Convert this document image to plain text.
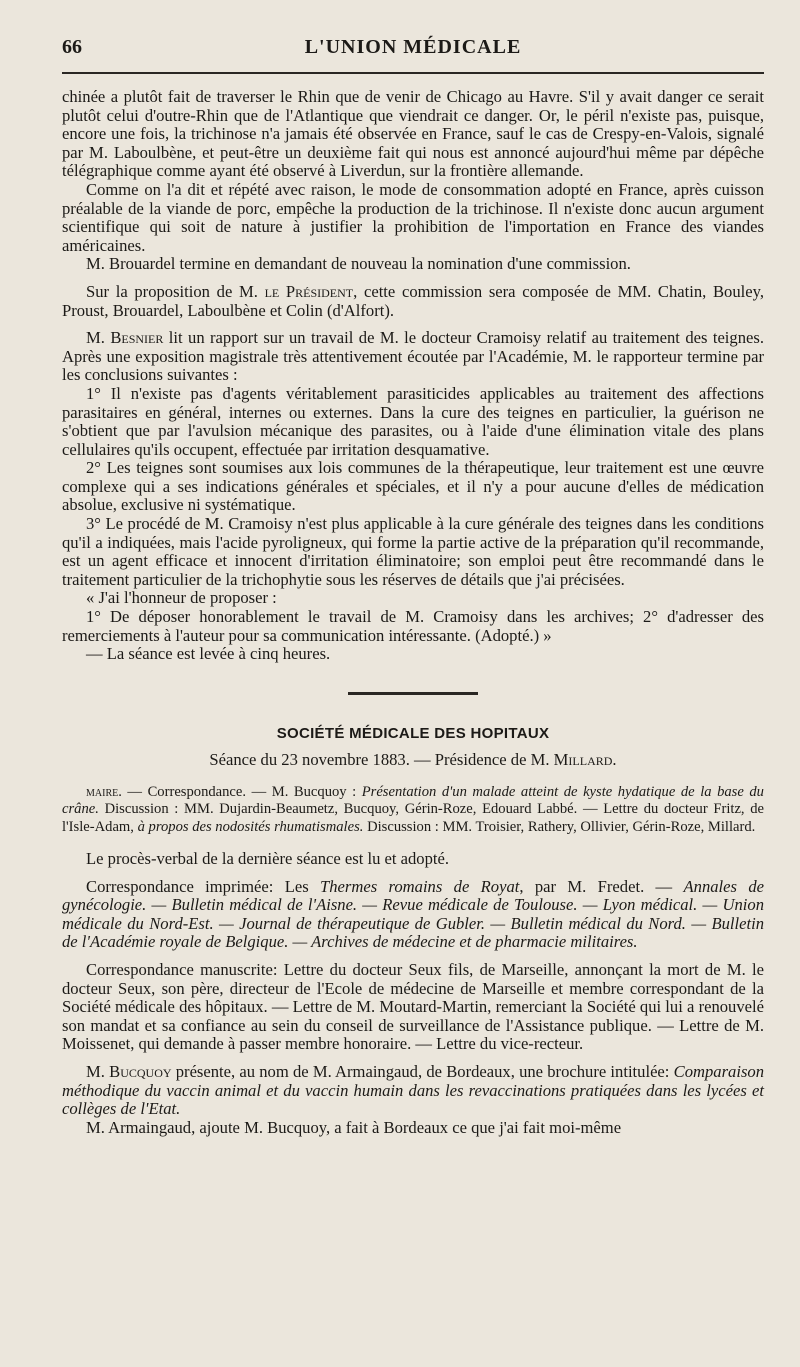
66	L'UNION MÉDICALE

chinée a plutôt fait de traverser le Rhin que de venir de Chicago au Havre. S'il y avait danger ce serait plutôt celui d'outre-Rhin que de l'Atlantique que viendrait ce danger. Or, le péril n'existe pas, puisque, encore une fois, la trichinose n'a jamais été observée en France, sauf le cas de Crespy-en-Valois, signalé par M. Laboulbène, et peut-être un deuxième fait qui nous est annoncé aujourd'hui même par dépêche télégraphique comme ayant été observé à Liverdun, sur la frontière allemande.

Comme on l'a dit et répété avec raison, le mode de consommation adopté en France, après cuisson préalable de la viande de porc, empêche la production de la trichinose. Il n'existe donc aucun argument scientifique qui soit de nature à justifier la prohibition de l'importation en France des viandes américaines.

M. Brouardel termine en demandant de nouveau la nomination d'une commission.

Sur la proposition de M. le Président, cette commission sera composée de MM. Chatin, Bouley, Proust, Brouardel, Laboulbène et Colin (d'Alfort).

M. Besnier lit un rapport sur un travail de M. le docteur Cramoisy relatif au traitement des teignes. Après une exposition magistrale très attentivement écoutée par l'Académie, M. le rapporteur termine par les conclusions suivantes :

1° Il n'existe pas d'agents véritablement parasiticides applicables au traitement des affections parasitaires en général, internes ou externes. Dans la cure des teignes en particulier, la guérison ne s'obtient que par l'avulsion mécanique des parasites, ou à l'aide d'une élimination vitale des plans cellulaires qu'ils occupent, effectuée par irritation desquamative.

2° Les teignes sont soumises aux lois communes de la thérapeutique, leur traitement est une œuvre complexe qui a ses indications générales et spéciales, et il n'y a pour aucune d'elles de médication absolue, exclusive ni systématique.

3° Le procédé de M. Cramoisy n'est plus applicable à la cure générale des teignes dans les conditions qu'il a indiquées, mais l'acide pyroligneux, qui forme la partie active de la préparation qu'il recommande, est un agent efficace et innocent d'irritation éliminatoire; son emploi peut être recommandé dans le traitement particulier de la trichophytie sous les réserves de détails que j'ai précisées.

« J'ai l'honneur de proposer :

1° De déposer honorablement le travail de M. Cramoisy dans les archives; 2° d'adresser des remerciements à l'auteur pour sa communication intéressante. (Adopté.) »

— La séance est levée à cinq heures.

SOCIÉTÉ MÉDICALE DES HOPITAUX
Séance du 23 novembre 1883. — Présidence de M. Millard.

maire. — Correspondance. — M. Bucquoy : Présentation d'un malade atteint de kyste hydatique de la base du crâne. Discussion : MM. Dujardin-Beaumetz, Bucquoy, Gérin-Roze, Edouard Labbé. — Lettre du docteur Fritz, de l'Isle-Adam, à propos des nodosités rhumatismales. Discussion : MM. Troisier, Rathery, Ollivier, Gérin-Roze, Millard.

Le procès-verbal de la dernière séance est lu et adopté.

Correspondance imprimée: Les Thermes romains de Royat, par M. Fredet. — Annales de gynécologie. — Bulletin médical de l'Aisne. — Revue médicale de Toulouse. — Lyon médical. — Union médicale du Nord-Est. — Journal de thérapeutique de Gubler. — Bulletin médical du Nord. — Bulletin de l'Académie royale de Belgique. — Archives de médecine et de pharmacie militaires.

Correspondance manuscrite: Lettre du docteur Seux fils, de Marseille, annonçant la mort de M. le docteur Seux, son père, directeur de l'Ecole de médecine de Marseille et membre correspondant de la Société médicale des hôpitaux. — Lettre de M. Moutard-Martin, remerciant la Société qui lui a renouvelé son mandat et sa confiance au sein du conseil de surveillance de l'Assistance publique. — Lettre de M. Moissenet, qui demande à passer membre honoraire. — Lettre du vice-recteur.

M. Bucquoy présente, au nom de M. Armaingaud, de Bordeaux, une brochure intitulée: Comparaison méthodique du vaccin animal et du vaccin humain dans les revaccinations pratiquées dans les lycées et collèges de l'Etat.

M. Armaingaud, ajoute M. Bucquoy, a fait à Bordeaux ce que j'ai fait moi-même
